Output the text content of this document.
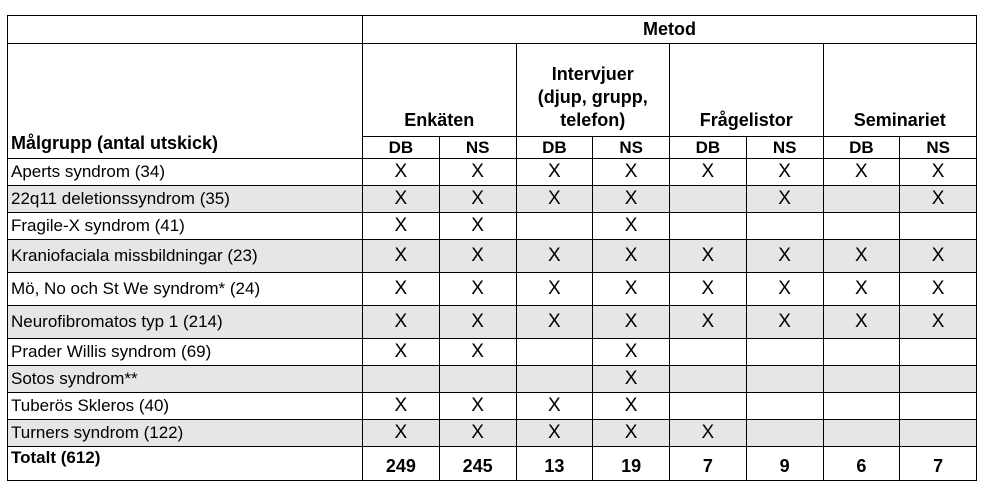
	Metod							
Målgrupp (antal utskick)	Enkäten		Intervjuer
(djup, grupp,
telefon)		Frågelistor		Seminariet	
	DB	NS	DB	NS	DB	NS	DB	NS
Aperts syndrom (34)	X	X	X	X	X	X	X	X
22q11 deletionssyndrom (35)	X	X	X	X		X		X
Fragile-X syndrom (41)	X	X		X				
Kraniofaciala missbildningar (23)	X	X	X	X	X	X	X	X
Mö, No och St We syndrom* (24)	X	X	X	X	X	X	X	X
Neurofibromatos typ 1 (214)	X	X	X	X	X	X	X	X
Prader Willis syndrom (69)	X	X		X				
Sotos syndrom**				X				
Tuberös Skleros (40)	X	X	X	X				
Turners syndrom (122)	X	X	X	X	X			
Totalt (612)	249	245	13	19	7	9	6	7
